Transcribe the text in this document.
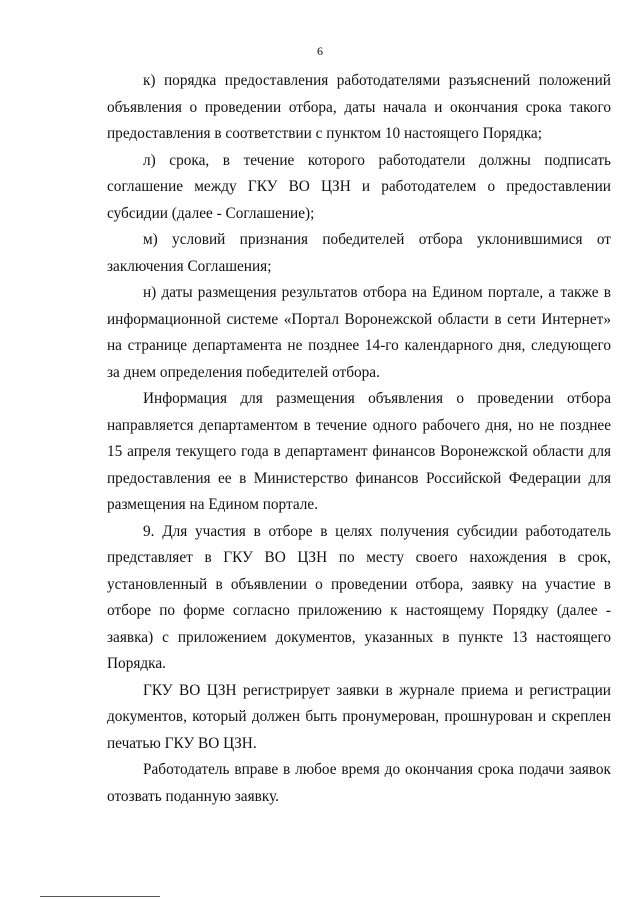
6

к) порядка предоставления работодателями разъяснений положений объявления о проведении отбора, даты начала и окончания срока такого предоставления в соответствии с пунктом 10 настоящего Порядка;

л) срока, в течение которого работодатели должны подписать соглашение между ГКУ ВО ЦЗН и работодателем о предоставлении субсидии (далее - Соглашение);

м) условий признания победителей отбора уклонившимися от заключения Соглашения;

н) даты размещения результатов отбора на Едином портале, а также в информационной системе «Портал Воронежской области в сети Интернет» на странице департамента не позднее 14-го календарного дня, следующего за днем определения победителей отбора.

Информация для размещения объявления о проведении отбора направляется департаментом в течение одного рабочего дня, но не позднее 15 апреля текущего года в департамент финансов Воронежской области для предоставления ее в Министерство финансов Российской Федерации для размещения на Едином портале.

9. Для участия в отборе в целях получения субсидии работодатель представляет в ГКУ ВО ЦЗН по месту своего нахождения в срок, установленный в объявлении о проведении отбора, заявку на участие в отборе по форме согласно приложению к настоящему Порядку (далее - заявка) с приложением документов, указанных в пункте 13 настоящего Порядка.

ГКУ ВО ЦЗН регистрирует заявки в журнале приема и регистрации документов, который должен быть пронумерован, прошнурован и скреплен печатью ГКУ ВО ЦЗН.

Работодатель вправе в любое время до окончания срока подачи заявок отозвать поданную заявку.
